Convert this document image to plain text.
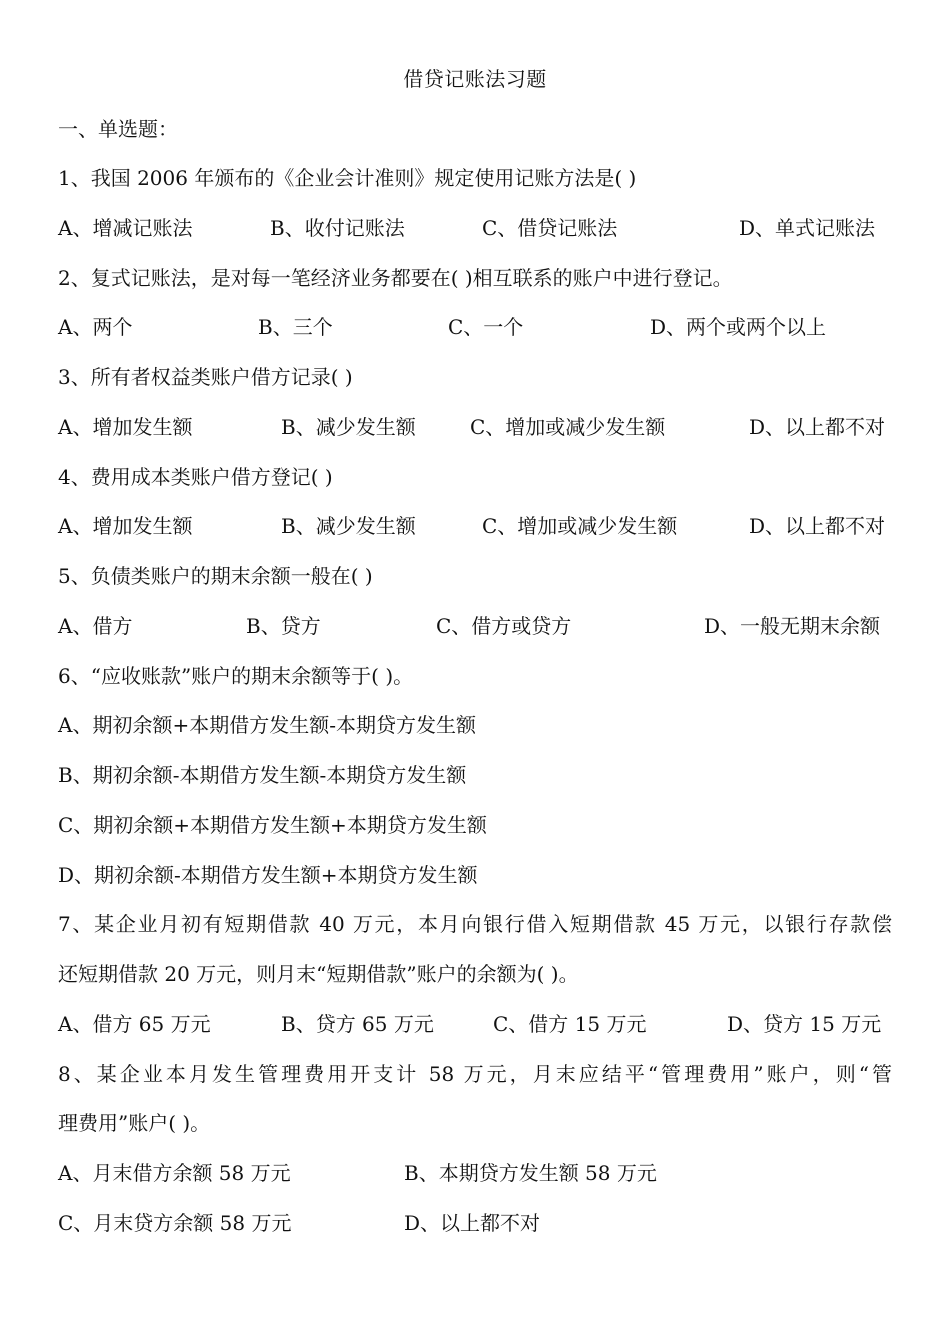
借贷记账法习题
一、单选题：
1、我国 2006 年颁布的《企业会计准则》规定使用记账方法是( )
A、增减记账法	B、收付记账法	C、借贷记账法	D、单式记账法
2、复式记账法，是对每一笔经济业务都要在( )相互联系的账户中进行登记。
A、两个	B、三个	C、一个	D、两个或两个以上
3、所有者权益类账户借方记录( )
A、增加发生额	B、减少发生额	C、增加或减少发生额	D、以上都不对
4、费用成本类账户借方登记( )
A、增加发生额	B、减少发生额	C、增加或减少发生额	D、以上都不对
5、负债类账户的期末余额一般在( )
A、借方	B、贷方	C、借方或贷方	D、一般无期末余额
6、“应收账款”账户的期末余额等于( )。
A、期初余额+本期借方发生额-本期贷方发生额
B、期初余额-本期借方发生额-本期贷方发生额
C、期初余额+本期借方发生额+本期贷方发生额
D、期初余额-本期借方发生额+本期贷方发生额
7、某企业月初有短期借款 40 万元，本月向银行借入短期借款 45 万元，以银行存款偿
还短期借款 20 万元，则月末“短期借款”账户的余额为( )。
A、借方 65 万元	B、贷方 65 万元	C、借方 15 万元	D、贷方 15 万元
8、某企业本月发生管理费用开支计 58 万元，月末应结平“管理费用”账户，则“管
理费用”账户( )。
A、月末借方余额 58 万元	B、本期贷方发生额 58 万元
C、月末贷方余额 58 万元	D、以上都不对
